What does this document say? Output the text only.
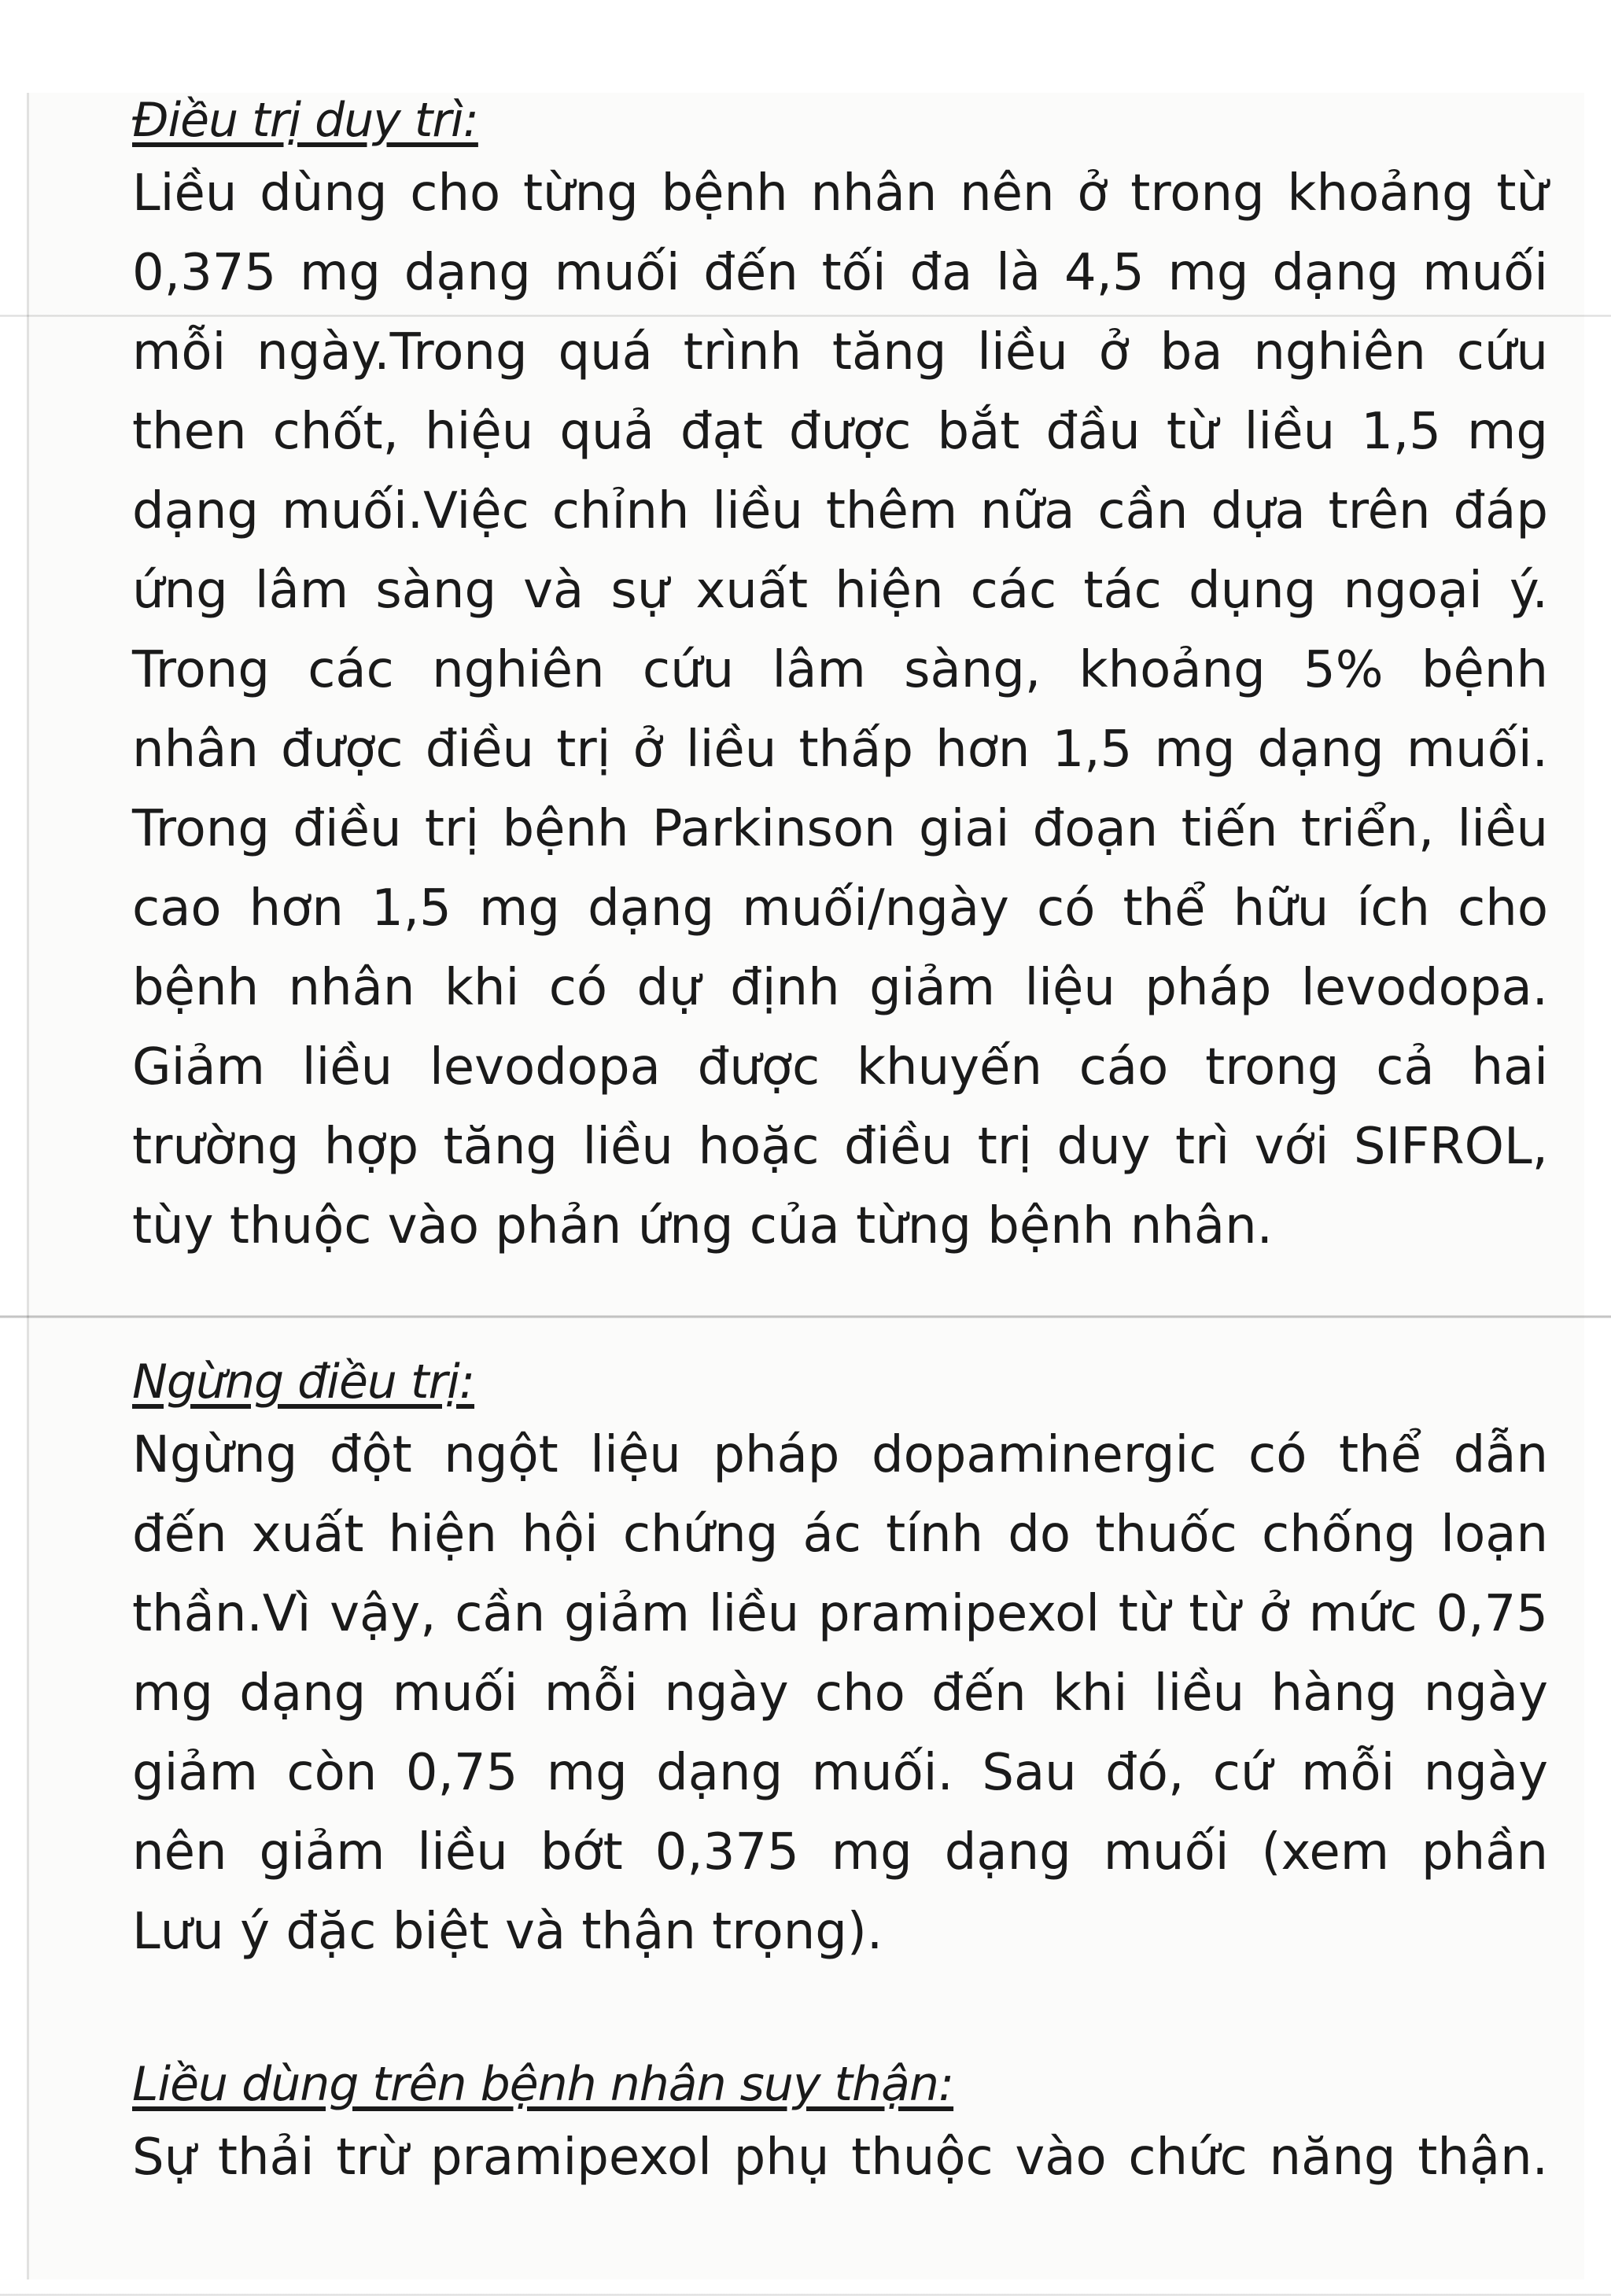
Điều trị duy trì:

Liều dùng cho từng bệnh nhân nên ở trong khoảng từ

0,375 mg dạng muối đến tối đa là 4,5 mg dạng muối

mỗi ngày.Trong quá trình tăng liều ở ba nghiên cứu

then chốt, hiệu quả đạt được bắt đầu từ liều 1,5 mg

dạng muối.Việc chỉnh liều thêm nữa cần dựa trên đáp

ứng lâm sàng và sự xuất hiện các tác dụng ngoại ý.

Trong các nghiên cứu lâm sàng, khoảng 5% bệnh

nhân được điều trị ở liều thấp hơn 1,5 mg dạng muối.

Trong điều trị bệnh Parkinson giai đoạn tiến triển, liều

cao hơn 1,5 mg dạng muối/ngày có thể hữu ích cho

bệnh nhân khi có dự định giảm liệu pháp levodopa.

Giảm liều levodopa được khuyến cáo trong cả hai

trường hợp tăng liều hoặc điều trị duy trì với SIFROL,

tùy thuộc vào phản ứng của từng bệnh nhân.

Ngừng điều trị:

Ngừng đột ngột liệu pháp dopaminergic có thể dẫn

đến xuất hiện hội chứng ác tính do thuốc chống loạn

thần.Vì vậy, cần giảm liều pramipexol từ từ ở mức 0,75

mg dạng muối mỗi ngày cho đến khi liều hàng ngày

giảm còn 0,75 mg dạng muối. Sau đó, cứ mỗi ngày

nên giảm liều bớt 0,375 mg dạng muối (xem phần

Lưu ý đặc biệt và thận trọng).

Liều dùng trên bệnh nhân suy thận:

Sự thải trừ pramipexol phụ thuộc vào chức năng thận.
